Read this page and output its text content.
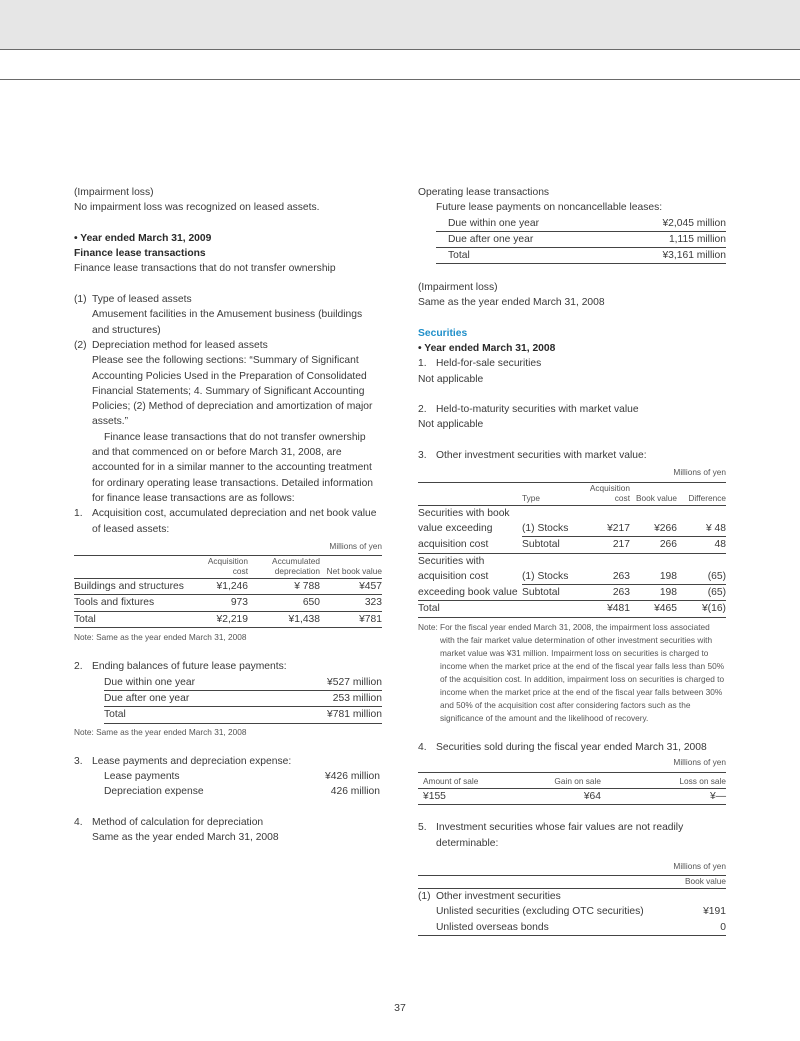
(Impairment loss)

No impairment loss was recognized on leased assets.

• Year ended March 31, 2009

Finance lease transactions

Finance lease transactions that do not transfer ownership

(1) Type of leased assets

Amusement facilities in the Amusement business (buildings and structures)

(2) Depreciation method for leased assets

Please see the following sections: “Summary of Significant Accounting Policies Used in the Preparation of Consolidated Financial Statements; 4. Summary of Significant Accounting Policies; (2) Method of depreciation and amortization of major assets.”

Finance lease transactions that do not transfer ownership and that commenced on or before March 31, 2008, are accounted for in a similar manner to the accounting treatment for ordinary operating lease transactions. Detailed information for finance lease transactions are as follows:

1. Acquisition cost, accumulated depreciation and net book value of leased assets:

Millions of yen

	Acquisition cost	Accumulated depreciation	Net book value
Buildings and structures	¥1,246	¥ 788	¥457
Tools and fixtures	973	650	323
Total	¥2,219	¥1,438	¥781

Note: Same as the year ended March 31, 2008

2. Ending balances of future lease payments:

Due within one year	¥527 million
Due after one year	253 million
Total	¥781 million

Note: Same as the year ended March 31, 2008

3. Lease payments and depreciation expense:

Lease payments	¥426 million
Depreciation expense	426 million
4. Method of calculation for depreciation

Same as the year ended March 31, 2008

Operating lease transactions

Future lease payments on noncancellable leases:

Due within one year	¥2,045 million
Due after one year	1,115 million
Total	¥3,161 million

(Impairment loss)

Same as the year ended March 31, 2008

Securities

• Year ended March 31, 2008

1. Held-for-sale securities

Not applicable

2. Held-to-maturity securities with market value

Not applicable

3. Other investment securities with market value:

Millions of yen

	Type	Acquisition cost	Book value	Difference
Securities with book				
value exceeding	(1) Stocks	¥217	¥266	¥ 48
acquisition cost	Subtotal	217	266	48
Securities with				
acquisition cost	(1) Stocks	263	198	(65)
exceeding book value	Subtotal	263	198	(65)
Total		¥481	¥465	¥(16)
Note: For the fiscal year ended March 31, 2008, the impairment loss associated with the fair market value determination of other investment securities with market value was ¥31 million. Impairment loss on securities is charged to income when the market price at the end of the fiscal year falls less than 50% of the acquisition cost. In addition, impairment loss on securities is charged to income when the market price at the end of the fiscal year falls between 30% and 50% of the acquisition cost after considering factors such as the significance of the amount and the likelihood of recovery.
4. Securities sold during the fiscal year ended March 31, 2008

Millions of yen

Amount of sale	Gain on sale	Loss on sale
¥155	¥64	¥—
5. Investment securities whose fair values are not readily determinable:

Millions of yen

		Book value
(1)	Other investment securities	
	Unlisted securities (excluding OTC securities)	¥191
	Unlisted overseas bonds	0
37
